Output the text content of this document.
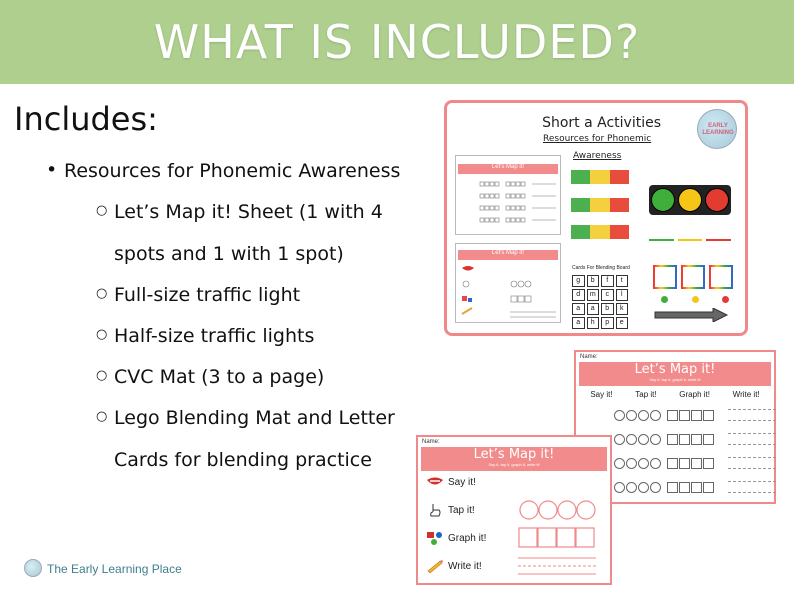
WHAT IS INCLUDED?
Includes:
• Resources for Phonemic Awareness
○ Let’s Map it! Sheet (1 with 4
spots and 1 with 1 spot)
○ Full-size traffic light
○ Half-size traffic lights
○ CVC Mat (3 to a page)
○ Lego Blending Mat and Letter
Cards for blending practice
Short a Activities
Resources for Phonemic
Awareness
EARLY LEARNING
Let's Map it!
Let's Map it!
Cards For Blending Board
g	b	f	t
d	m	c	l
a	a	b	k
a	h	p	e
Name:
Let’s Map it!
Say it, tap it, graph it, write it!
Say it!	Tap it!	Graph it!	Write it!
Name:
Let’s Map it!
Say it, tap it, graph it, write it!
Say it!
Tap it!
Graph it!
Write it!
The Early Learning Place
